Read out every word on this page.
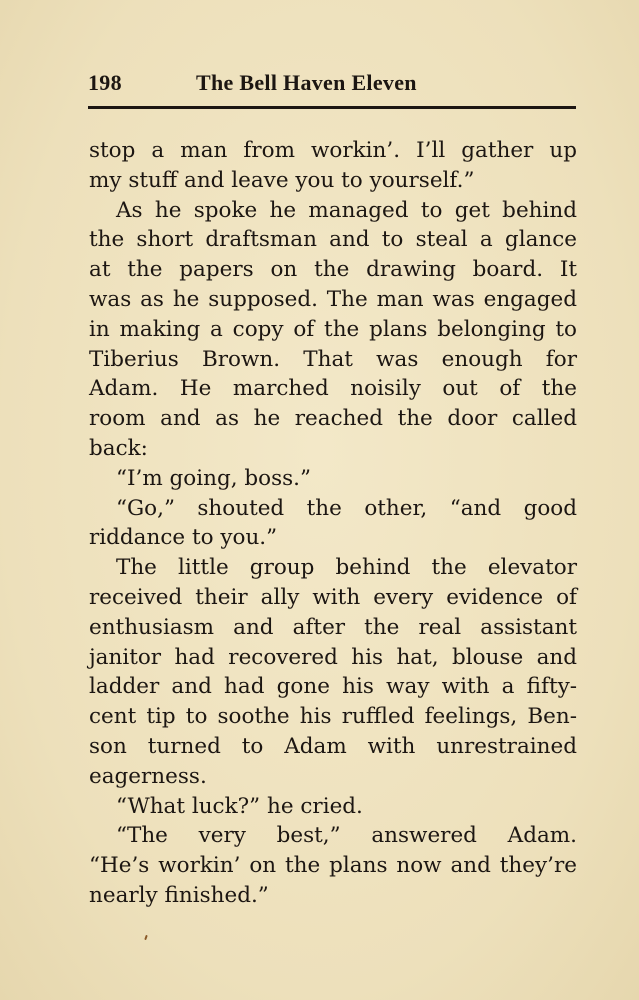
198	The Bell Haven Eleven
stop a man from workin’. I’ll gather up
my stuff and leave you to yourself.”
As he spoke he managed to get behind
the short draftsman and to steal a glance
at the papers on the drawing board. It
was as he supposed. The man was engaged
in making a copy of the plans belonging to
Tiberius Brown. That was enough for
Adam. He marched noisily out of the
room and as he reached the door called
back:
“I’m going, boss.”
“Go,” shouted the other, “and good
riddance to you.”
The little group behind the elevator
received their ally with every evidence of
enthusiasm and after the real assistant
janitor had recovered his hat, blouse and
ladder and had gone his way with a fifty-
cent tip to soothe his ruffled feelings, Ben-
son turned to Adam with unrestrained
eagerness.
“What luck?” he cried.
“The very best,” answered Adam.
“He’s workin’ on the plans now and they’re
nearly finished.”
